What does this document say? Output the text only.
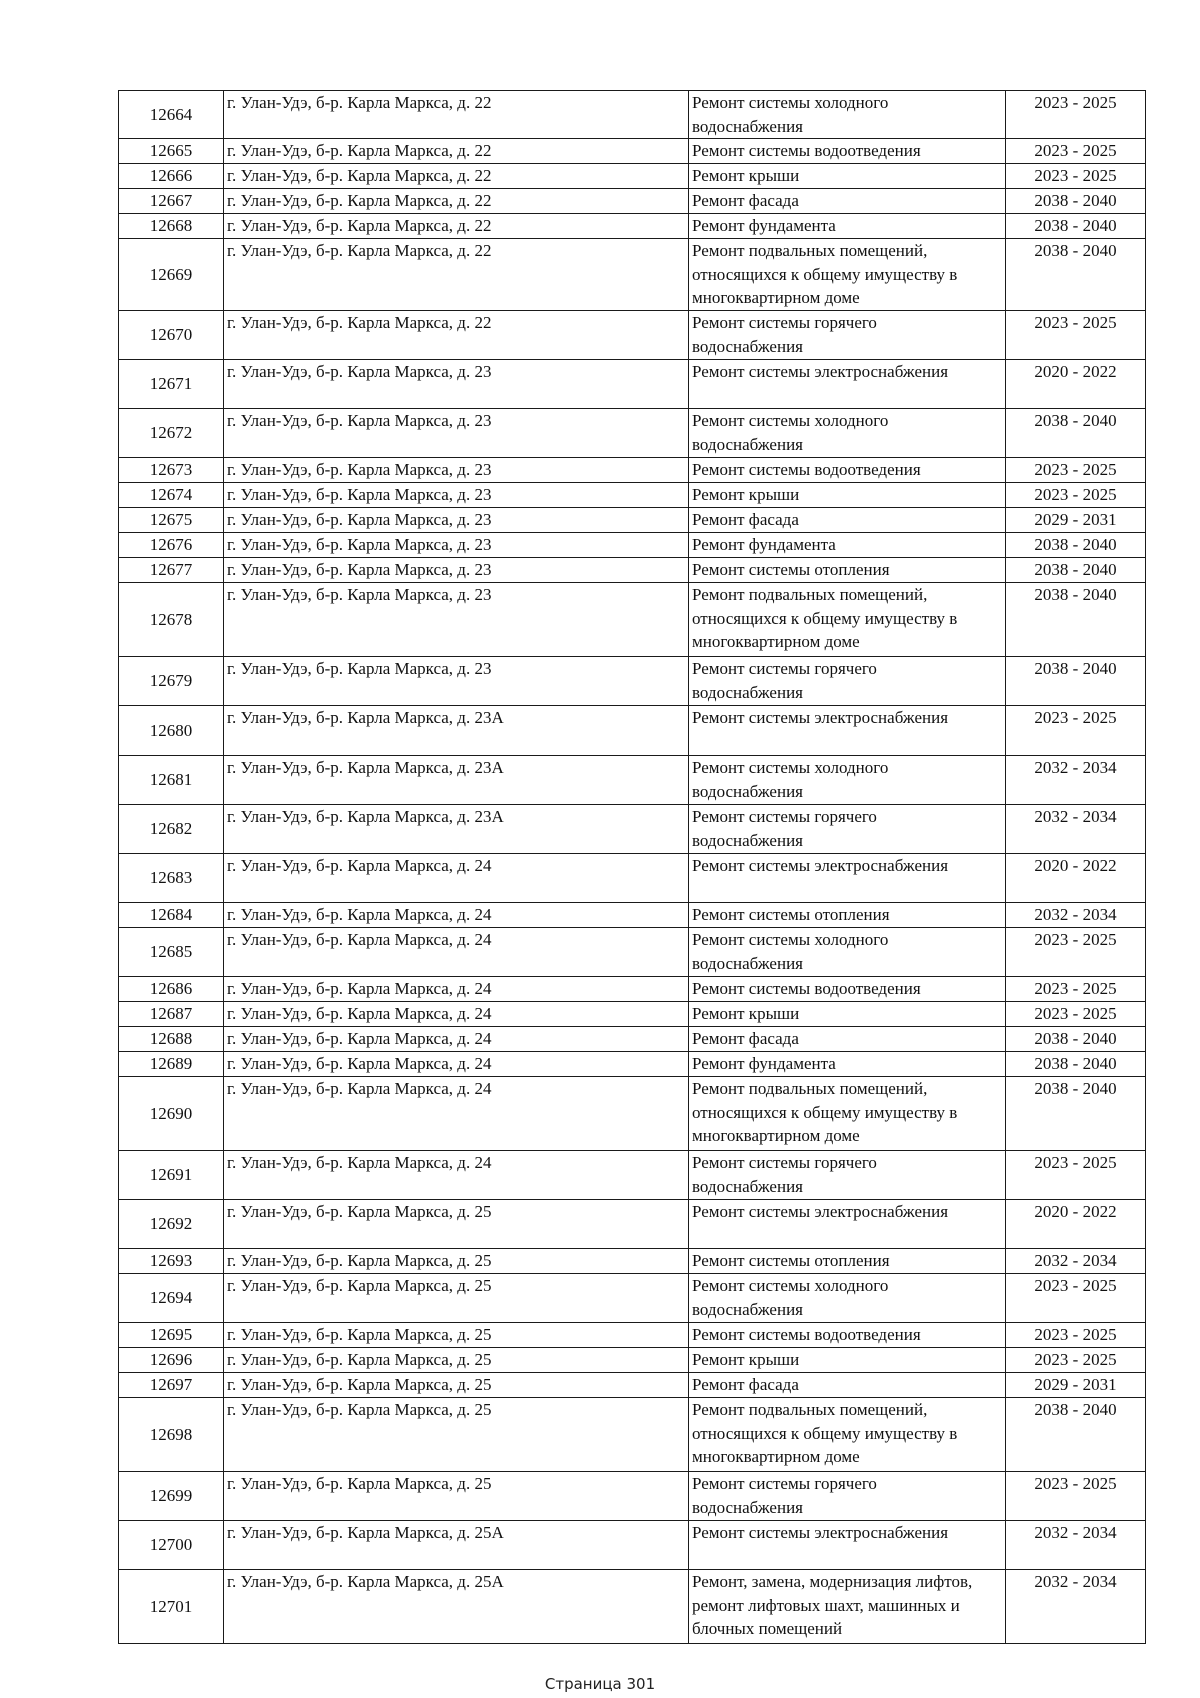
12664	г. Улан-Удэ, б-р. Карла Маркса, д. 22	Ремонт системы холодного
водоснабжения	2023 - 2025
12665	г. Улан-Удэ, б-р. Карла Маркса, д. 22	Ремонт системы водоотведения	2023 - 2025
12666	г. Улан-Удэ, б-р. Карла Маркса, д. 22	Ремонт крыши	2023 - 2025
12667	г. Улан-Удэ, б-р. Карла Маркса, д. 22	Ремонт фасада	2038 - 2040
12668	г. Улан-Удэ, б-р. Карла Маркса, д. 22	Ремонт фундамента	2038 - 2040
12669	г. Улан-Удэ, б-р. Карла Маркса, д. 22	Ремонт подвальных помещений,
относящихся к общему имуществу в
многоквартирном доме	2038 - 2040
12670	г. Улан-Удэ, б-р. Карла Маркса, д. 22	Ремонт системы горячего
водоснабжения	2023 - 2025
12671	г. Улан-Удэ, б-р. Карла Маркса, д. 23	Ремонт системы электроснабжения	2020 - 2022
12672	г. Улан-Удэ, б-р. Карла Маркса, д. 23	Ремонт системы холодного
водоснабжения	2038 - 2040
12673	г. Улан-Удэ, б-р. Карла Маркса, д. 23	Ремонт системы водоотведения	2023 - 2025
12674	г. Улан-Удэ, б-р. Карла Маркса, д. 23	Ремонт крыши	2023 - 2025
12675	г. Улан-Удэ, б-р. Карла Маркса, д. 23	Ремонт фасада	2029 - 2031
12676	г. Улан-Удэ, б-р. Карла Маркса, д. 23	Ремонт фундамента	2038 - 2040
12677	г. Улан-Удэ, б-р. Карла Маркса, д. 23	Ремонт системы отопления	2038 - 2040
12678	г. Улан-Удэ, б-р. Карла Маркса, д. 23	Ремонт подвальных помещений,
относящихся к общему имуществу в
многоквартирном доме	2038 - 2040
12679	г. Улан-Удэ, б-р. Карла Маркса, д. 23	Ремонт системы горячего
водоснабжения	2038 - 2040
12680	г. Улан-Удэ, б-р. Карла Маркса, д. 23А	Ремонт системы электроснабжения	2023 - 2025
12681	г. Улан-Удэ, б-р. Карла Маркса, д. 23А	Ремонт системы холодного
водоснабжения	2032 - 2034
12682	г. Улан-Удэ, б-р. Карла Маркса, д. 23А	Ремонт системы горячего
водоснабжения	2032 - 2034
12683	г. Улан-Удэ, б-р. Карла Маркса, д. 24	Ремонт системы электроснабжения	2020 - 2022
12684	г. Улан-Удэ, б-р. Карла Маркса, д. 24	Ремонт системы отопления	2032 - 2034
12685	г. Улан-Удэ, б-р. Карла Маркса, д. 24	Ремонт системы холодного
водоснабжения	2023 - 2025
12686	г. Улан-Удэ, б-р. Карла Маркса, д. 24	Ремонт системы водоотведения	2023 - 2025
12687	г. Улан-Удэ, б-р. Карла Маркса, д. 24	Ремонт крыши	2023 - 2025
12688	г. Улан-Удэ, б-р. Карла Маркса, д. 24	Ремонт фасада	2038 - 2040
12689	г. Улан-Удэ, б-р. Карла Маркса, д. 24	Ремонт фундамента	2038 - 2040
12690	г. Улан-Удэ, б-р. Карла Маркса, д. 24	Ремонт подвальных помещений,
относящихся к общему имуществу в
многоквартирном доме	2038 - 2040
12691	г. Улан-Удэ, б-р. Карла Маркса, д. 24	Ремонт системы горячего
водоснабжения	2023 - 2025
12692	г. Улан-Удэ, б-р. Карла Маркса, д. 25	Ремонт системы электроснабжения	2020 - 2022
12693	г. Улан-Удэ, б-р. Карла Маркса, д. 25	Ремонт системы отопления	2032 - 2034
12694	г. Улан-Удэ, б-р. Карла Маркса, д. 25	Ремонт системы холодного
водоснабжения	2023 - 2025
12695	г. Улан-Удэ, б-р. Карла Маркса, д. 25	Ремонт системы водоотведения	2023 - 2025
12696	г. Улан-Удэ, б-р. Карла Маркса, д. 25	Ремонт крыши	2023 - 2025
12697	г. Улан-Удэ, б-р. Карла Маркса, д. 25	Ремонт фасада	2029 - 2031
12698	г. Улан-Удэ, б-р. Карла Маркса, д. 25	Ремонт подвальных помещений,
относящихся к общему имуществу в
многоквартирном доме	2038 - 2040
12699	г. Улан-Удэ, б-р. Карла Маркса, д. 25	Ремонт системы горячего
водоснабжения	2023 - 2025
12700	г. Улан-Удэ, б-р. Карла Маркса, д. 25А	Ремонт системы электроснабжения	2032 - 2034
12701	г. Улан-Удэ, б-р. Карла Маркса, д. 25А	Ремонт, замена, модернизация лифтов,
ремонт лифтовых шахт, машинных и
блочных помещений	2032 - 2034
Страница 301
